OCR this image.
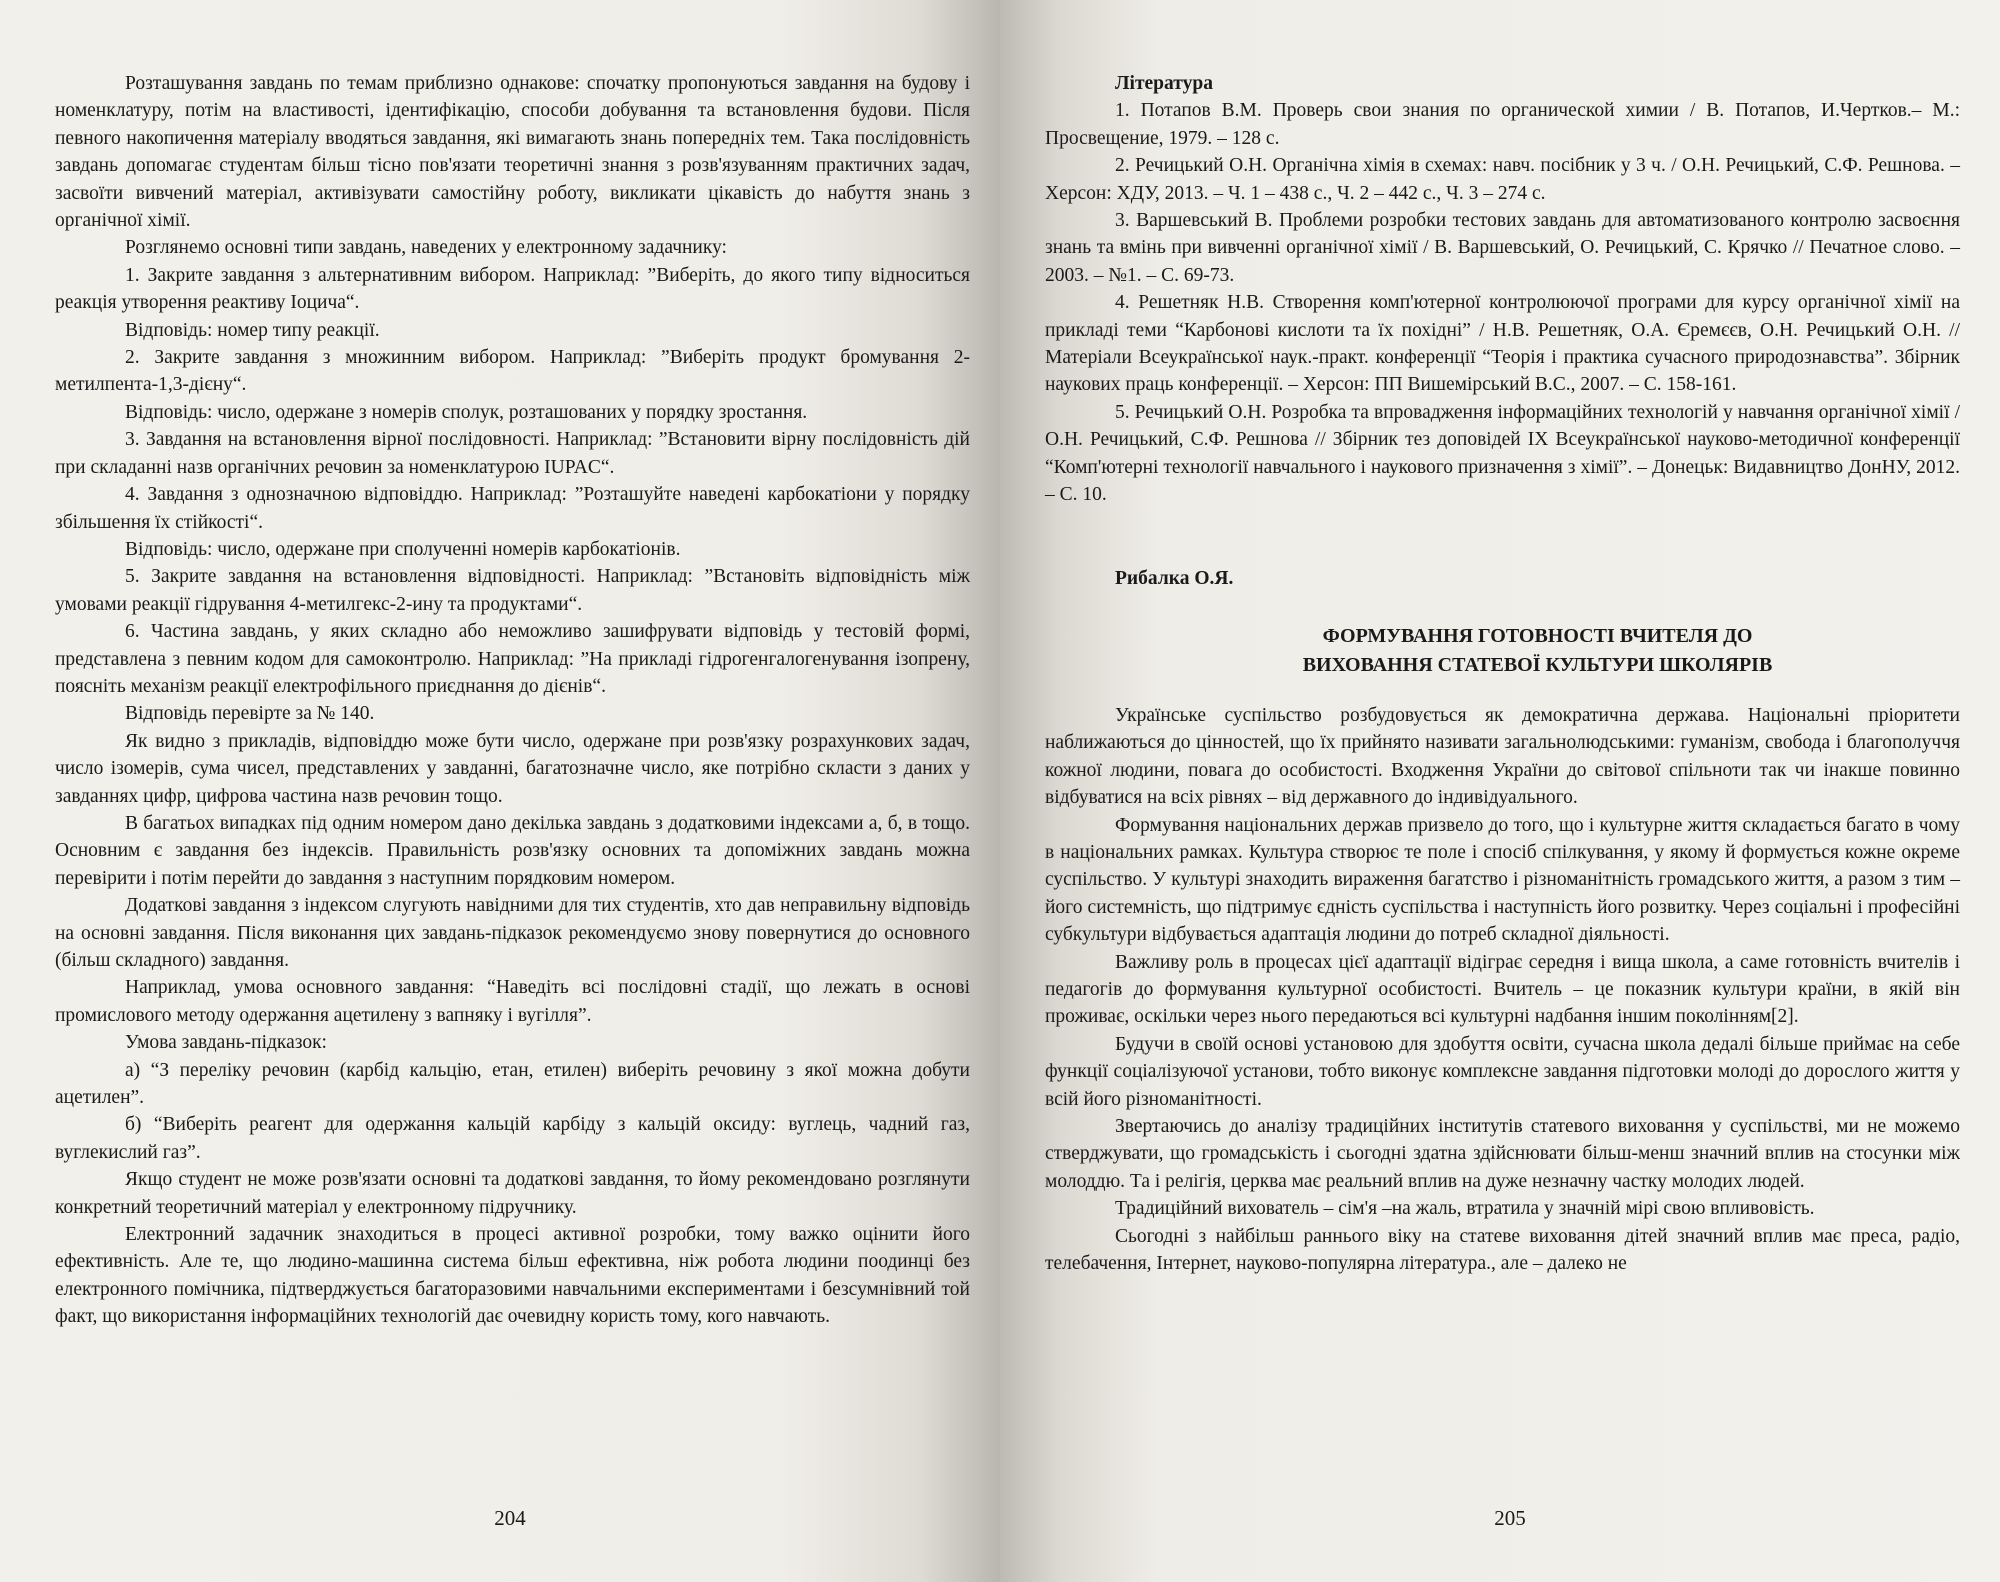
Розташування завдань по темам приблизно однакове: спочатку пропонуються завдання на будову і номенклатуру, потім на властивості, ідентифікацію, способи добування та встановлення будови. Після певного накопичення матеріалу вводяться завдання, які вимагають знань попередніх тем. Така послідовність завдань допомагає студентам більш тісно пов'язати теоретичні знання з розв'язуванням практичних задач, засвоїти вивчений матеріал, активізувати самостійну роботу, викликати цікавість до набуття знань з органічної хімії.

Розглянемо основні типи завдань, наведених у електронному задачнику:

1. Закрите завдання з альтернативним вибором. Наприклад: ”Виберіть, до якого типу відноситься реакція утворення реактиву Іоцича“.

Відповідь: номер типу реакції.

2. Закрите завдання з множинним вибором. Наприклад: ”Виберіть продукт бромування 2-метилпента-1,3-дієну“.

Відповідь: число, одержане з номерів сполук, розташованих у порядку зростання.

3. Завдання на встановлення вірної послідовності. Наприклад: ”Встановити вірну послідовність дій при складанні назв органічних речовин за номенклатурою IUPAC“.

4. Завдання з однозначною відповіддю. Наприклад: ”Розташуйте наведені карбокатіони у порядку збільшення їх стійкості“.

Відповідь: число, одержане при сполученні номерів карбокатіонів.

5. Закрите завдання на встановлення відповідності. Наприклад: ”Встановіть відповідність між умовами реакції гідрування 4-метилгекс-2-ину та продуктами“.

6. Частина завдань, у яких складно або неможливо зашифрувати відповідь у тестовій формі, представлена з певним кодом для самоконтролю. Наприклад: ”На прикладі гідрогенгалогенування ізопрену, поясніть механізм реакції електрофільного приєднання до дієнів“.

Відповідь перевірте за № 140.

Як видно з прикладів, відповіддю може бути число, одержане при розв'язку розрахункових задач, число ізомерів, сума чисел, представлених у завданні, багатозначне число, яке потрібно скласти з даних у завданнях цифр, цифрова частина назв речовин тощо.

В багатьох випадках під одним номером дано декілька завдань з додатковими індексами а, б, в тощо. Основним є завдання без індексів. Правильність розв'язку основних та допоміжних завдань можна перевірити і потім перейти до завдання з наступним порядковим номером.

Додаткові завдання з індексом слугують навідними для тих студентів, хто дав неправильну відповідь на основні завдання. Після виконання цих завдань-підказок рекомендуємо знову повернутися до основного (більш складного) завдання.

Наприклад, умова основного завдання: “Наведіть всі послідовні стадії, що лежать в основі промислового методу одержання ацетилену з вапняку і вугілля”.

Умова завдань-підказок:

а) “З переліку речовин (карбід кальцію, етан, етилен) виберіть речовину з якої можна добути ацетилен”.

б) “Виберіть реагент для одержання кальцій карбіду з кальцій оксиду: вуглець, чадний газ, вуглекислий газ”.

Якщо студент не може розв'язати основні та додаткові завдання, то йому рекомендовано розглянути конкретний теоретичний матеріал у електронному підручнику.

Електронний задачник знаходиться в процесі активної розробки, тому важко оцінити його ефективність. Але те, що людино-машинна система більш ефективна, ніж робота людини поодинці без електронного помічника, підтверджується багаторазовими навчальними експериментами і безсумнівний той факт, що використання інформаційних технологій дає очевидну користь тому, кого навчають.

204

Література

1. Потапов В.М. Проверь свои знания по органической химии / В. Потапов, И.Чертков.– М.: Просвещение, 1979. – 128 с.

2. Речицький О.Н. Органічна хімія в схемах: навч. посібник у 3 ч. / О.Н. Речицький, С.Ф. Решнова. – Херсон: ХДУ, 2013. – Ч. 1 – 438 с., Ч. 2 – 442 с., Ч. 3 – 274 с.

3. Варшевський В. Проблеми розробки тестових завдань для автоматизованого контролю засвоєння знань та вмінь при вивченні органічної хімії / В. Варшевський, О. Речицький, С. Крячко // Печатное слово. – 2003. – №1. – С. 69-73.

4. Решетняк Н.В. Створення комп'ютерної контролюючої програми для курсу органічної хімії на прикладі теми “Карбонові кислоти та їх похідні” / Н.В. Решетняк, О.А. Єремєєв, О.Н. Речицький О.Н. // Матеріали Всеукраїнської наук.-практ. конференції “Теорія і практика сучасного природознавства”. Збірник наукових праць конференції. – Херсон: ПП Вишемірський В.С., 2007. – С. 158-161.

5. Речицький О.Н. Розробка та впровадження інформаційних технологій у навчання органічної хімії / О.Н. Речицький, С.Ф. Решнова // Збірник тез доповідей IX Всеукраїнської науково-методичної конференції “Комп'ютерні технології навчального і наукового призначення з хімії”. – Донецьк: Видавництво ДонНУ, 2012. – С. 10.

Рибалка О.Я.

ФОРМУВАННЯ ГОТОВНОСТІ ВЧИТЕЛЯ ДО

ВИХОВАННЯ СТАТЕВОЇ КУЛЬТУРИ ШКОЛЯРІВ

Українське суспільство розбудовується як демократична держава. Національні пріоритети наближаються до цінностей, що їх прийнято називати загальнолюдськими: гуманізм, свобода і благополуччя кожної людини, повага до особистості. Входження України до світової спільноти так чи інакше повинно відбуватися на всіх рівнях – від державного до індивідуального.

Формування національних держав призвело до того, що і культурне життя складається багато в чому в національних рамках. Культура створює те поле і спосіб спілкування, у якому й формується кожне окреме суспільство. У культурі знаходить вираження багатство і різноманітність громадського життя, а разом з тим – його системність, що підтримує єдність суспільства і наступність його розвитку. Через соціальні і професійні субкультури відбувається адаптація людини до потреб складної діяльності.

Важливу роль в процесах цієї адаптації відіграє середня і вища школа, а саме готовність вчителів і педагогів до формування культурної особистості. Вчитель – це показник культури країни, в якій він проживає, оскільки через нього передаються всі культурні надбання іншим поколінням[2].

Будучи в своїй основі установою для здобуття освіти, сучасна школа дедалі більше приймає на себе функції соціалізуючої установи, тобто виконує комплексне завдання підготовки молоді до дорослого життя у всій його різноманітності.

Звертаючись до аналізу традиційних інститутів статевого виховання у суспільстві, ми не можемо стверджувати, що громадськість і сьогодні здатна здійснювати більш-менш значний вплив на стосунки між молоддю. Та і релігія, церква має реальний вплив на дуже незначну частку молодих людей.

Традиційний вихователь – сім'я –на жаль, втратила у значній мірі свою впливовість.

Сьогодні з найбільш раннього віку на статеве виховання дітей значний вплив має преса, радіо, телебачення, Інтернет, науково-популярна література., але – далеко не

205
